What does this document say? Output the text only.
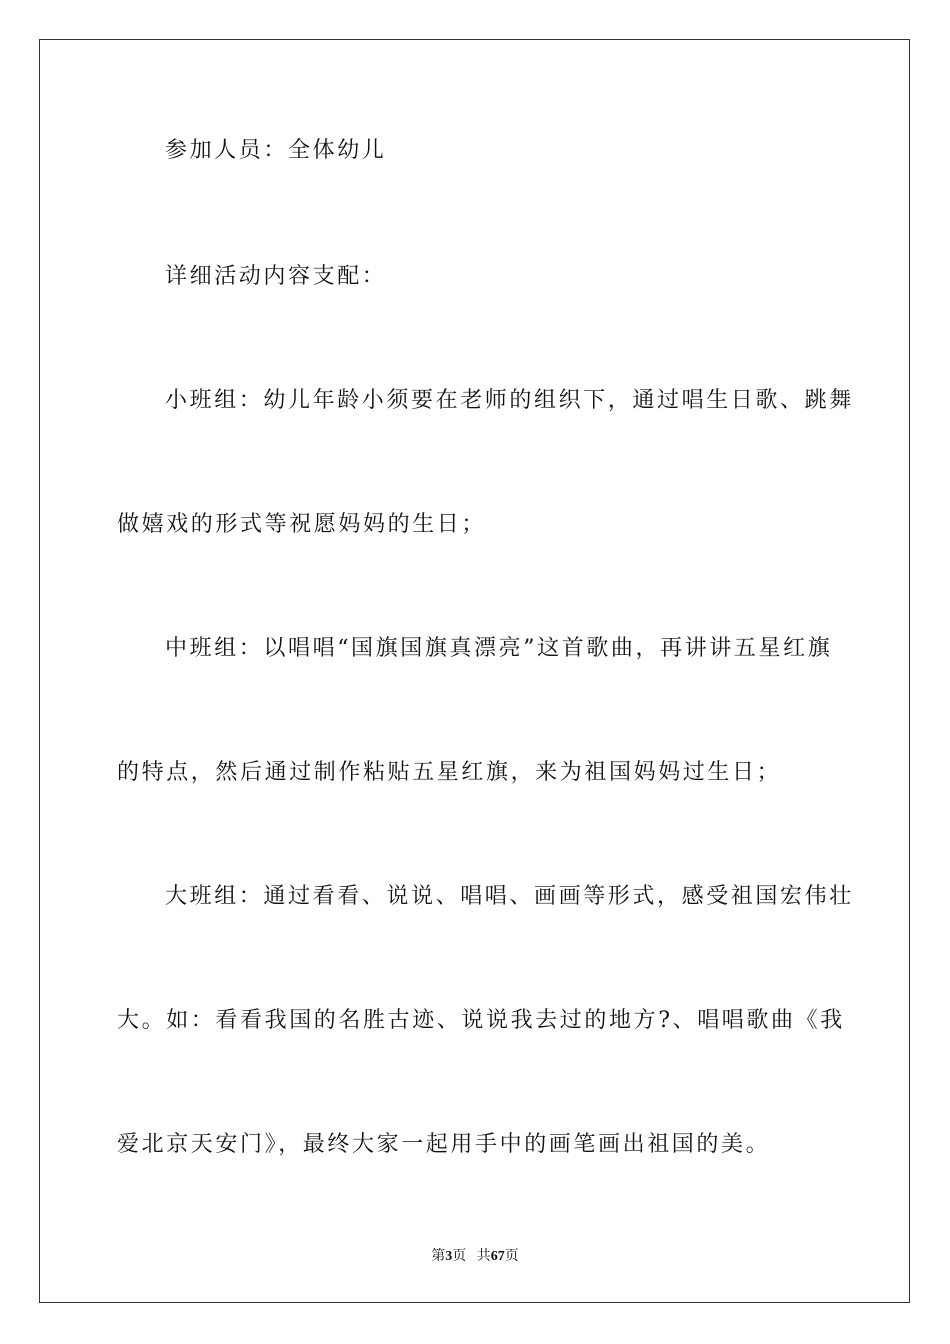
参加人员：全体幼儿
详细活动内容支配：
小班组：幼儿年龄小须要在老师的组织下，通过唱生日歌、跳舞
做嬉戏的形式等祝愿妈妈的生日；
中班组：以唱唱“国旗国旗真漂亮”这首歌曲，再讲讲五星红旗
的特点，然后通过制作粘贴五星红旗，来为祖国妈妈过生日；
大班组：通过看看、说说、唱唱、画画等形式，感受祖国宏伟壮
大。如：看看我国的名胜古迹、说说我去过的地方?、唱唱歌曲《我
爱北京天安门》，最终大家一起用手中的画笔画出祖国的美。
第3页 共67页
